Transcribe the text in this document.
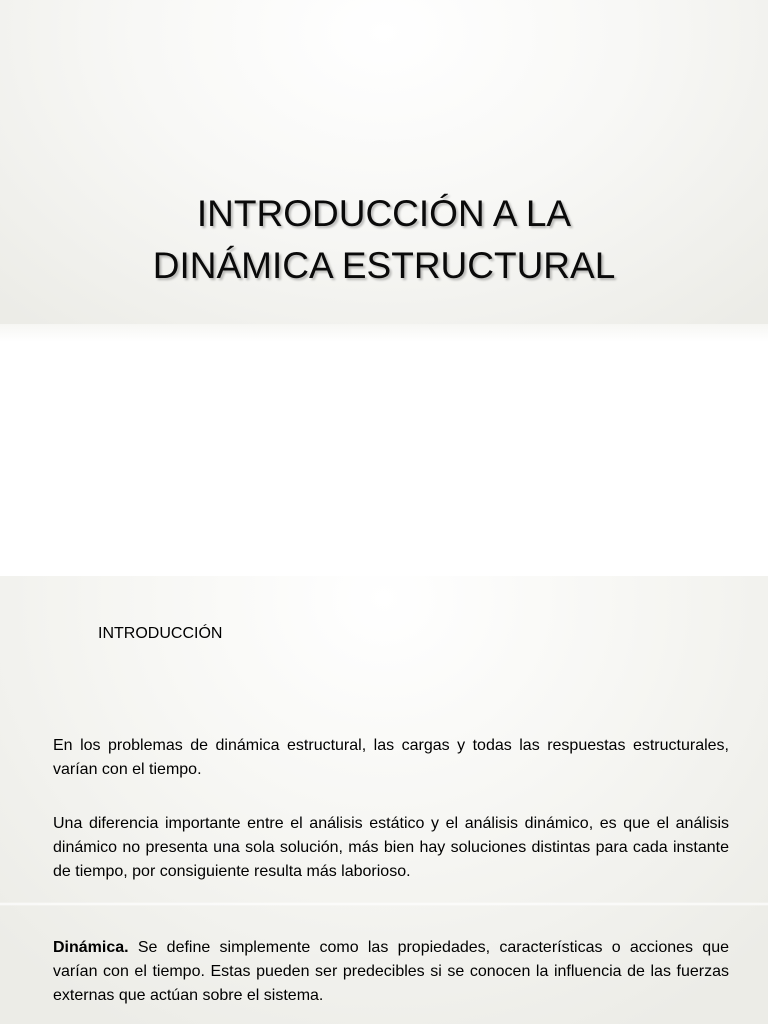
INTRODUCCIÓN A LA
DINÁMICA ESTRUCTURAL
INTRODUCCIÓN

En los problemas de dinámica estructural, las cargas y todas las respuestas estructurales, varían con el tiempo.

Una diferencia importante entre el análisis estático y el análisis dinámico, es que el análisis dinámico no presenta una sola solución, más bien hay soluciones distintas para cada instante de tiempo, por consiguiente resulta más laborioso.

Dinámica. Se define simplemente como las propiedades, características o acciones que varían con el tiempo. Estas pueden ser predecibles si se conocen la influencia de las fuerzas externas que actúan sobre el sistema.
